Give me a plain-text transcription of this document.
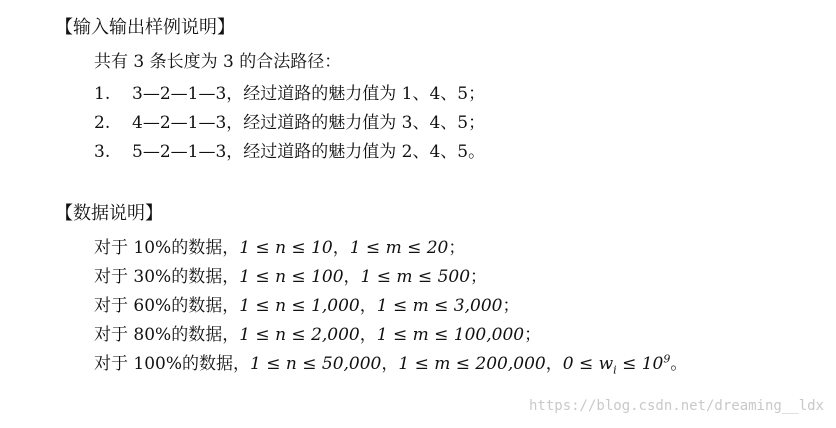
【输入输出样例说明】
共有 3 条长度为 3 的合法路径：
1. 3—2—1—3，经过道路的魅力值为 1、4、5；
2. 4—2—1—3，经过道路的魅力值为 3、4、5；
3. 5—2—1—3，经过道路的魅力值为 2、4、5。
【数据说明】
对于 10%的数据，1 ≤ n ≤ 10，1 ≤ m ≤ 20；
对于 30%的数据，1 ≤ n ≤ 100，1 ≤ m ≤ 500；
对于 60%的数据，1 ≤ n ≤ 1,000，1 ≤ m ≤ 3,000；
对于 80%的数据，1 ≤ n ≤ 2,000，1 ≤ m ≤ 100,000；
对于 100%的数据，1 ≤ n ≤ 50,000，1 ≤ m ≤ 200,000，$0 \le w_i \le 10^9$。
https://blog.csdn.net/dreaming__ldx
